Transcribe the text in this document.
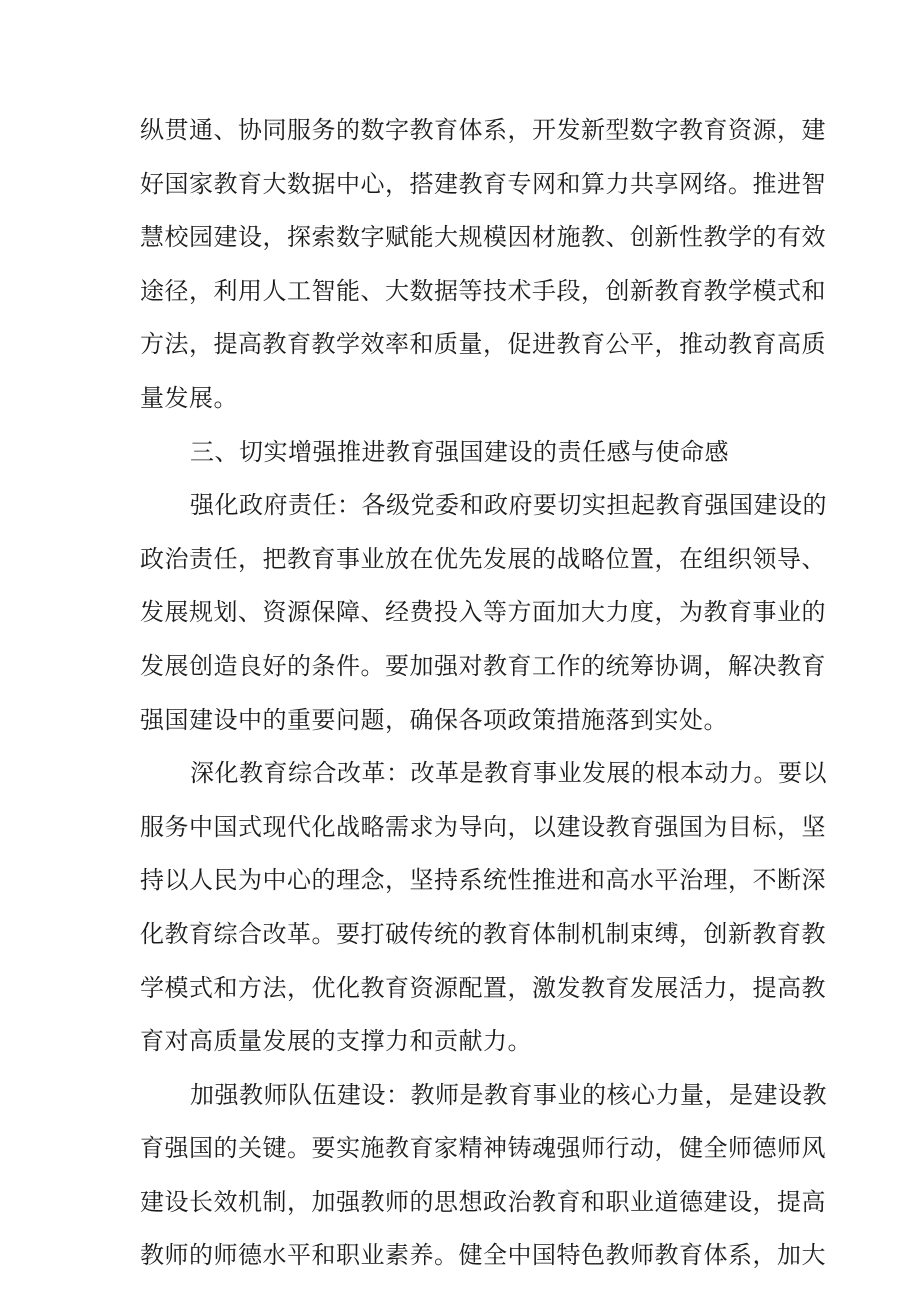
纵贯通、协同服务的数字教育体系，开发新型数字教育资源，建
好国家教育大数据中心，搭建教育专网和算力共享网络。推进智
慧校园建设，探索数字赋能大规模因材施教、创新性教学的有效
途径，利用人工智能、大数据等技术手段，创新教育教学模式和
方法，提高教育教学效率和质量，促进教育公平，推动教育高质
量发展。
三、切实增强推进教育强国建设的责任感与使命感
强化政府责任：各级党委和政府要切实担起教育强国建设的
政治责任，把教育事业放在优先发展的战略位置，在组织领导、
发展规划、资源保障、经费投入等方面加大力度，为教育事业的
发展创造良好的条件。要加强对教育工作的统筹协调，解决教育
强国建设中的重要问题，确保各项政策措施落到实处。
深化教育综合改革：改革是教育事业发展的根本动力。要以
服务中国式现代化战略需求为导向，以建设教育强国为目标，坚
持以人民为中心的理念，坚持系统性推进和高水平治理，不断深
化教育综合改革。要打破传统的教育体制机制束缚，创新教育教
学模式和方法，优化教育资源配置，激发教育发展活力，提高教
育对高质量发展的支撑力和贡献力。
加强教师队伍建设：教师是教育事业的核心力量，是建设教
育强国的关键。要实施教育家精神铸魂强师行动，健全师德师风
建设长效机制，加强教师的思想政治教育和职业道德建设，提高
教师的师德水平和职业素养。健全中国特色教师教育体系，加大
